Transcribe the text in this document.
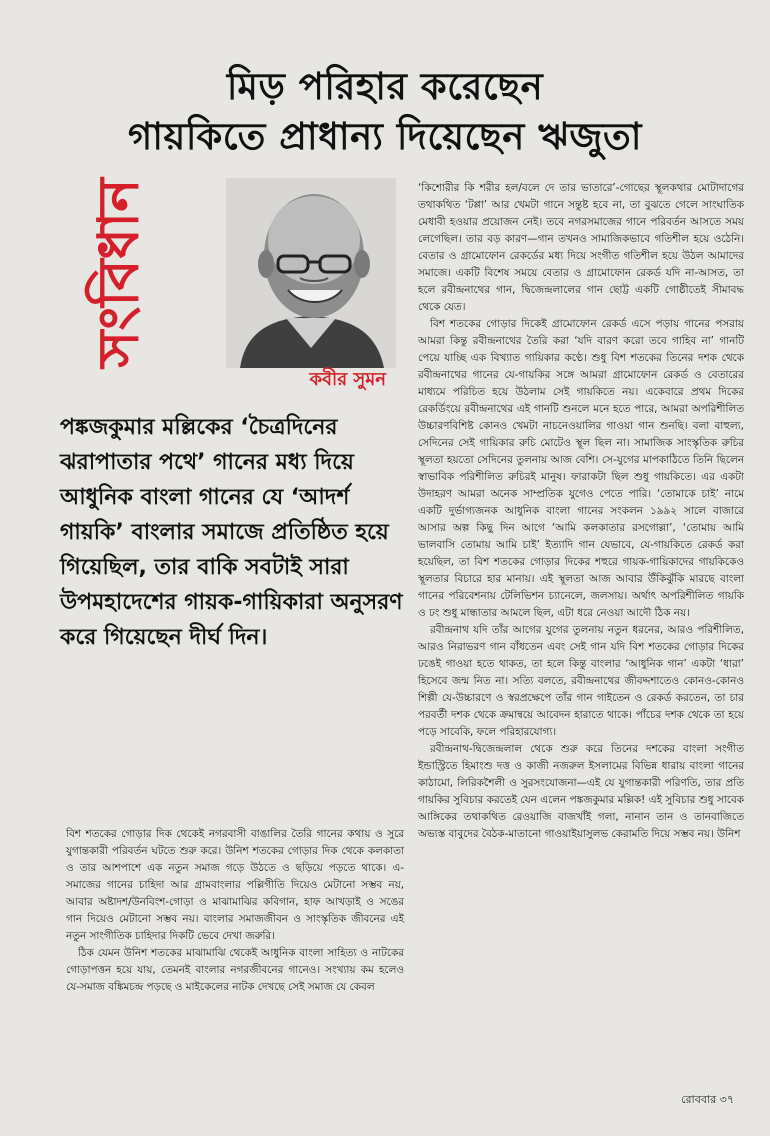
মিড় পরিহার করেছেন
গায়কিতে প্রাধান্য দিয়েছেন ঋজুতা
সংবিধান
কবীর সুমন
পঙ্কজকুমার মল্লিকের ‘চৈত্রদিনের ঝরাপাতার পথে’ গানের মধ্য দিয়ে আধুনিক বাংলা গানের যে ‘আদর্শ গায়কি’ বাংলার সমাজে প্রতিষ্ঠিত হয়ে গিয়েছিল, তার বাকি সবটাই সারা উপমহাদেশের গায়ক-গায়িকারা অনুসরণ করে গিয়েছেন দীর্ঘ দিন।

বিশ শতকের গোড়ার দিক থেকেই নগরবাসী বাঙালির তৈরি গানের কথায় ও সুরে যুগান্তকারী পরিবর্তন ঘটতে শুরু করে। উনিশ শতকের গোড়ার দিক থেকে কলকাতা ও তার আশপাশে এক নতুন সমাজ গড়ে উঠতে ও ছড়িয়ে পড়তে থাকে। এ-সমাজের গানের চাহিদা আর গ্রামবাংলার পল্লিগীতি দিয়েও মেটানো সম্ভব নয়, আবার অষ্টাদশ/উনবিংশ-গোড়া ও মাঝামাঝির কবিগান, হাফ আখড়াই ও সঙের গান দিয়েও মেটানো সম্ভব নয়। বাংলার সমাজজীবন ও সাংস্কৃতিক জীবনের এই নতুন সাংগীতিক চাহিদার দিকটি ভেবে দেখা জরুরি।

ঠিক যেমন উনিশ শতকের মাঝামাঝি থেকেই আধুনিক বাংলা সাহিত্য ও নাটকের গোড়াপত্তন হয়ে যায়, তেমনই বাংলার নগরজীবনের গানেও। সংখ্যায় কম হলেও যে-সমাজ বঙ্কিমচন্দ্র পড়ছে ও মাইকেলের নাটক দেখছে সেই সমাজ যে কেবল

‘কিশোরীর কি শরীর হল/বলে দে তার ভাতারে’-গোছের স্থূলকথার মোটাদাগের তথাকথিত ‘টপ্পা’ আর খেমটা গানে সন্তুষ্ট হবে না, তা বুঝতে গেলে সাংঘাতিক মেধাবী হওয়ার প্রয়োজন নেই। তবে নগরসমাজের গানে পরিবর্তন আসতে সময় লেগেছিল। তার বড় কারণ—গান তখনও সামাজিকভাবে গতিশীল হয়ে ওঠেনি। বেতার ও গ্রামোফোন রেকর্ডের মধ্য দিয়ে সংগীত গতিশীল হয়ে উঠল আমাদের সমাজে। একটি বিশেষ সময়ে বেতার ও গ্রামোফোন রেকর্ড যদি না-আসত, তা হলে রবীন্দ্রনাথের গান, দ্বিজেন্দ্রলালের গান ছোট্ট একটি গোষ্ঠীতেই সীমাবদ্ধ থেকে যেত।

বিশ শতকের গোড়ার দিকেই গ্রামোফোন রেকর্ড এসে পড়ায় গানের পসরায় আমরা কিন্তু রবীন্দ্রনাথের তৈরি করা ‘যদি বারণ করো তবে গাহিব না’ গানটি পেয়ে যাচ্ছি এক বিখ্যাত গায়িকার কণ্ঠে। শুধু বিশ শতকের তিনের দশক থেকে রবীন্দ্রনাথের গানের যে-গায়কির সঙ্গে আমরা গ্রামোফোন রেকর্ড ও বেতারের মাধ্যমে পরিচিত হয়ে উঠলাম সেই গায়কিতে নয়। একেবারে প্রথম দিকের রেকর্ডিংয়ে রবীন্দ্রনাথের এই গানটি শুনলে মনে হতে পারে, আমরা অপরিশীলিত উচ্চারণবিশিষ্ট কোনও খেমটা নাচনেওয়ালির গাওয়া গান শুনছি। বলা বাহুল্য, সেদিনের সেই গায়িকার রুচি মোটেও স্থূল ছিল না। সামাজিক সাংস্কৃতিক রুচির স্থূলতা হয়তো সেদিনের তুলনায় আজ বেশি। সে-যুগের মাপকাঠিতে তিনি ছিলেন স্বাভাবিক পরিশীলিত রুচিরই মানুষ। ফারাকটা ছিল শুধু গায়কিতে। এর একটা উদাহরণ আমরা অনেক সাম্প্রতিক যুগেও পেতে পারি। ‘তোমাকে চাই’ নামে একটি দুর্ভাগ্যজনক আধুনিক বাংলা গানের সংকলন ১৯৯২ সালে বাজারে আসার অল্প কিছু দিন আগে ‘আমি কলকাতার রসগোল্লা’, ‘তোমায় আমি ভালবাসি তোমায় আমি চাই’ ইত্যাদি গান যেভাবে, যে-গায়কিতে রেকর্ড করা হয়েছিল, তা বিশ শতকের গোড়ার দিকের শহুরে গায়ক-গায়িকাদের গায়কিকেও স্থূলতার বিচারে হার মানায়। এই স্থূলতা আজ আবার উঁকিঝুঁকি মারছে বাংলা গানের পরিবেশনায় টেলিভিশন চ্যানেলে, জলসায়। অর্থাৎ অপরিশীলিত গায়কি ও ঢং শুধু মান্ধাতার আমলে ছিল, এটা ধরে নেওয়া আদৌ ঠিক নয়।

রবীন্দ্রনাথ যদি তাঁর আগের যুগের তুলনায় নতুন ধরনের, আরও পরিশীলিত, আরও নিরাভরণ গান বাঁধতেন এবং সেই গান যদি বিশ শতকের গোড়ার দিকের ঢঙেই গাওয়া হতে থাকত, তা হলে কিন্তু বাংলার ‘আধুনিক গান’ একটা ‘ধারা’ হিসেবে জন্ম নিত না। সত্যি বলতে, রবীন্দ্রনাথের জীবদ্দশাতেও কোনও-কোনও শিল্পী যে-উচ্চারণে ও স্বরপ্রক্ষেপে তাঁর গান গাইতেন ও রেকর্ড করতেন, তা চার পরবর্তী দশক থেকে ক্রমান্বয়ে আবেদন হারাতে থাকে। পাঁচের দশক থেকে তা হয়ে পড়ে সাবেকি, ফলে পরিহারযোগ্য।

রবীন্দ্রনাথ-দ্বিজেন্দ্রলাল থেকে শুরু করে তিনের দশকের বাংলা সংগীত ইন্ডাস্ট্রিতে হিমাংশু দত্ত ও কাজী নজরুল ইসলামের বিভিন্ন ধারায় বাংলা গানের কাঠামো, লিরিকশৈলী ও সুরসংযোজনা—এই যে যুগান্তকারী পরিণতি, তার প্রতি গায়কির সুবিচার করতেই যেন এলেন পঙ্কজকুমার মল্লিক! এই সুবিচার শুধু সাবেক আঙ্গিকের তথাকথিত রেওয়াজি বাজখাঁই গলা, নানান তান ও তানবাজিতে অভ্যস্ত বাবুদের বৈঠক-মাতানো গাওয়াইয়াসুলভ কেরামতি দিয়ে সম্ভব নয়। উনিশ

রোববার ৩৭
